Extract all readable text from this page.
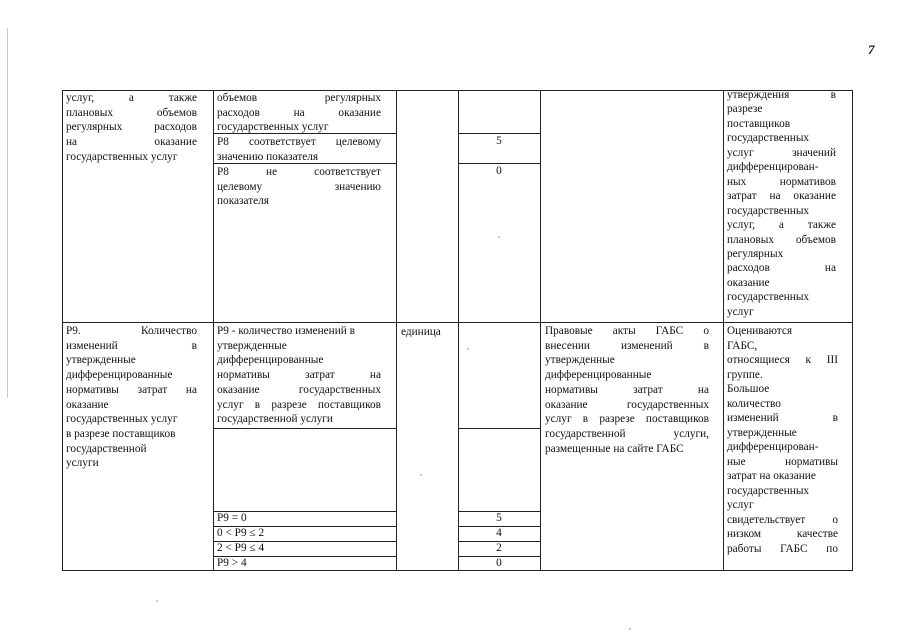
7

услуг, а также

плановых объемов

регулярных расходов

на оказание

государственных услуг

объемов регулярных

расходов на оказание

государственных услуг

P8 соответствует целевому

значению показателя

5

P8 не соответствует

целевому значению

показателя

0

утверждения в

разрезе

поставщиков

государственных

услуг значений

дифференцирован-

ных нормативов

затрат на оказание

государственных

услуг, а также

плановых объемов

регулярных

расходов на

оказание

государственных

услуг

P9. Количество

изменений в

утвержденные

дифференцированные

нормативы затрат на

оказание

государственных услуг

в разрезе поставщиков

государственной

услуги

P9 - количество изменений в

утвержденные

дифференцированные

нормативы затрат на

оказание государственных

услуг в разрезе поставщиков

государственной услуги

единица	Правовые акты ГАБС о

внесении изменений в

утвержденные

дифференцированные

нормативы затрат на

оказание государственных

услуг в разрезе поставщиков

государственной услуги,

размещенные на сайте ГАБС

Оцениваются

ГАБС,

относящиеся к III

группе.

Большое

количество

изменений в

утвержденные

дифференцирован-

ные нормативы

затрат на оказание

государственных

услуг

свидетельствует о

низком качестве

работы ГАБС по

P9 = 0
0 < P9 ≤ 2
2 < P9 ≤ 4
P9 > 4
5
4
2
0
